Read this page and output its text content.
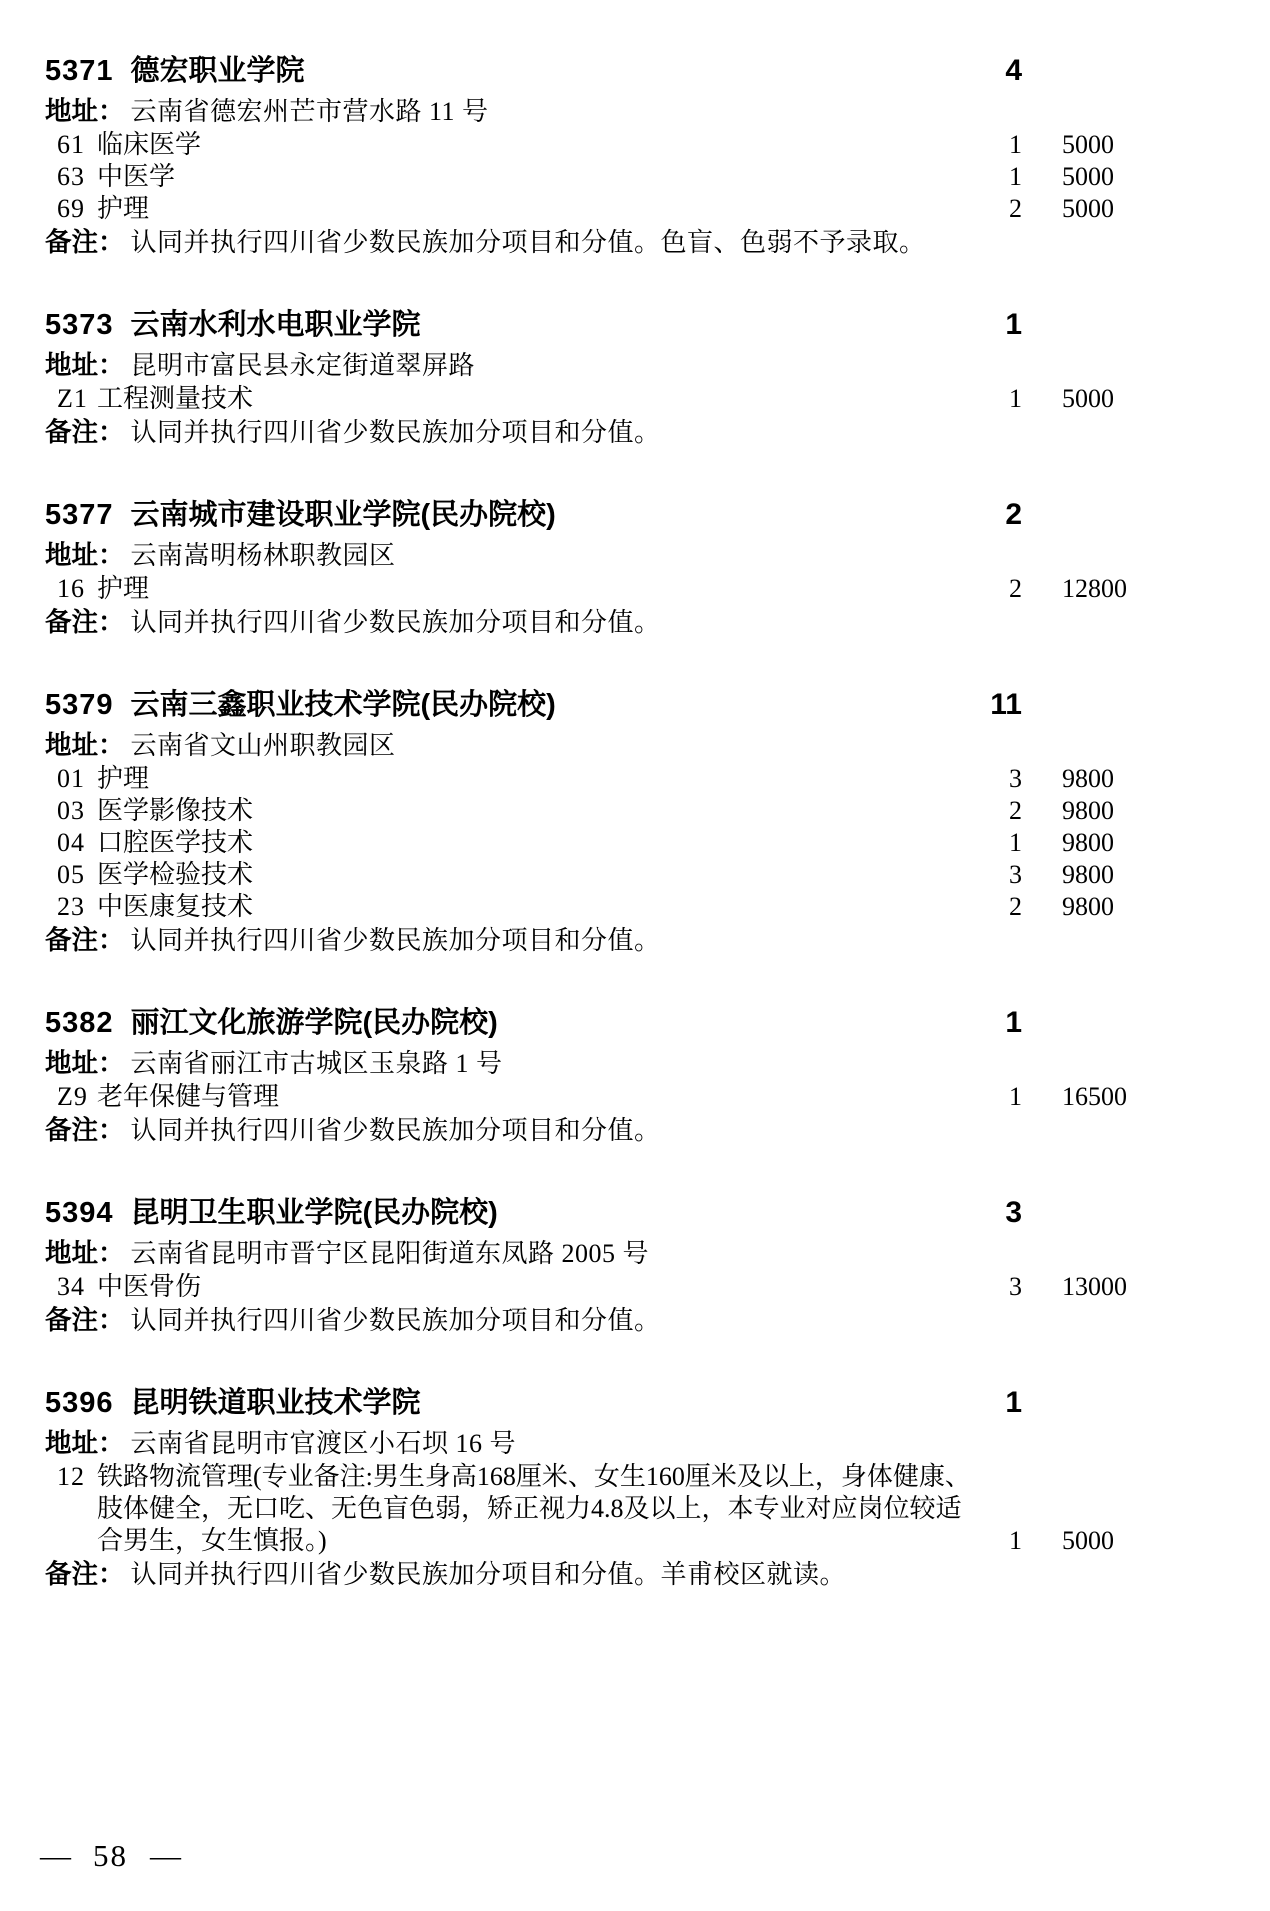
5371 德宏职业学院	4
地址： 云南省德宏州芒市营水路 11 号
61 临床医学	1	5000
63 中医学	1	5000
69 护理	2	5000
备注： 认同并执行四川省少数民族加分项目和分值。色盲、色弱不予录取。
5373 云南水利水电职业学院	1
地址： 昆明市富民县永定街道翠屏路
Z1 工程测量技术	1	5000
备注： 认同并执行四川省少数民族加分项目和分值。
5377 云南城市建设职业学院(民办院校)	2
地址： 云南嵩明杨林职教园区
16 护理	2	12800
备注： 认同并执行四川省少数民族加分项目和分值。
5379 云南三鑫职业技术学院(民办院校)	11
地址： 云南省文山州职教园区
01 护理	3	9800
03 医学影像技术	2	9800
04 口腔医学技术	1	9800
05 医学检验技术	3	9800
23 中医康复技术	2	9800
备注： 认同并执行四川省少数民族加分项目和分值。
5382 丽江文化旅游学院(民办院校)	1
地址： 云南省丽江市古城区玉泉路 1 号
Z9 老年保健与管理	1	16500
备注： 认同并执行四川省少数民族加分项目和分值。
5394 昆明卫生职业学院(民办院校)	3
地址： 云南省昆明市晋宁区昆阳街道东凤路 2005 号
34 中医骨伤	3	13000
备注： 认同并执行四川省少数民族加分项目和分值。
5396 昆明铁道职业技术学院	1
地址： 云南省昆明市官渡区小石坝 16 号
12 铁路物流管理(专业备注:男生身高168厘米、女生160厘米及以上，身体健康、肢体健全，无口吃、无色盲色弱，矫正视力4.8及以上，本专业对应岗位较适合男生，女生慎报。)	1	5000
备注： 认同并执行四川省少数民族加分项目和分值。羊甫校区就读。
— 58 —
